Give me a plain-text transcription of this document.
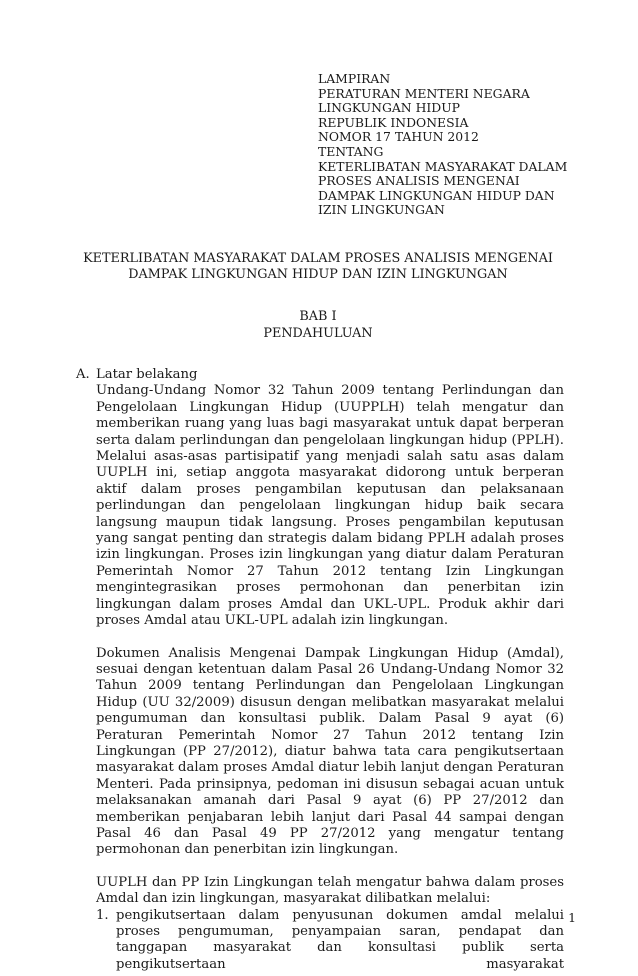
LAMPIRAN
PERATURAN MENTERI NEGARA
LINGKUNGAN HIDUP
REPUBLIK INDONESIA
NOMOR 17 TAHUN 2012
TENTANG
KETERLIBATAN MASYARAKAT DALAM
PROSES ANALISIS MENGENAI
DAMPAK LINGKUNGAN HIDUP DAN
IZIN LINGKUNGAN
KETERLIBATAN MASYARAKAT DALAM PROSES ANALISIS MENGENAI
DAMPAK LINGKUNGAN HIDUP DAN IZIN LINGKUNGAN
BAB I
PENDAHULUAN
A. Latar belakang
Undang-Undang Nomor 32 Tahun 2009 tentang Perlindungan dan Pengelolaan Lingkungan Hidup (UUPPLH) telah mengatur dan memberikan ruang yang luas bagi masyarakat untuk dapat berperan serta dalam perlindungan dan pengelolaan lingkungan hidup (PPLH). Melalui asas-asas partisipatif yang menjadi salah satu asas dalam UUPLH ini, setiap anggota masyarakat didorong untuk berperan aktif dalam proses pengambilan keputusan dan pelaksanaan perlindungan dan pengelolaan lingkungan hidup baik secara langsung maupun tidak langsung. Proses pengambilan keputusan yang sangat penting dan strategis dalam bidang PPLH adalah proses izin lingkungan. Proses izin lingkungan yang diatur dalam Peraturan Pemerintah Nomor 27 Tahun 2012 tentang Izin Lingkungan mengintegrasikan proses permohonan dan penerbitan izin lingkungan dalam proses Amdal dan UKL-UPL. Produk akhir dari proses Amdal atau UKL-UPL adalah izin lingkungan.
Dokumen Analisis Mengenai Dampak Lingkungan Hidup (Amdal), sesuai dengan ketentuan dalam Pasal 26 Undang-Undang Nomor 32 Tahun 2009 tentang Perlindungan dan Pengelolaan Lingkungan Hidup (UU 32/2009) disusun dengan melibatkan masyarakat melalui pengumuman dan konsultasi publik. Dalam Pasal 9 ayat (6) Peraturan Pemerintah Nomor 27 Tahun 2012 tentang Izin Lingkungan (PP 27/2012), diatur bahwa tata cara pengikutsertaan masyarakat dalam proses Amdal diatur lebih lanjut dengan Peraturan Menteri. Pada prinsipnya, pedoman ini disusun sebagai acuan untuk melaksanakan amanah dari Pasal 9 ayat (6) PP 27/2012 dan memberikan penjabaran lebih lanjut dari Pasal 44 sampai dengan Pasal 46 dan Pasal 49 PP 27/2012 yang mengatur tentang permohonan dan penerbitan izin lingkungan.
UUPLH dan PP Izin Lingkungan telah mengatur bahwa dalam proses Amdal dan izin lingkungan, masyarakat dilibatkan melalui:
1. pengikutsertaan dalam penyusunan dokumen amdal melalui proses pengumuman, penyampaian saran, pendapat dan tanggapan masyarakat dan konsultasi publik serta pengikutsertaan masyarakat
1
